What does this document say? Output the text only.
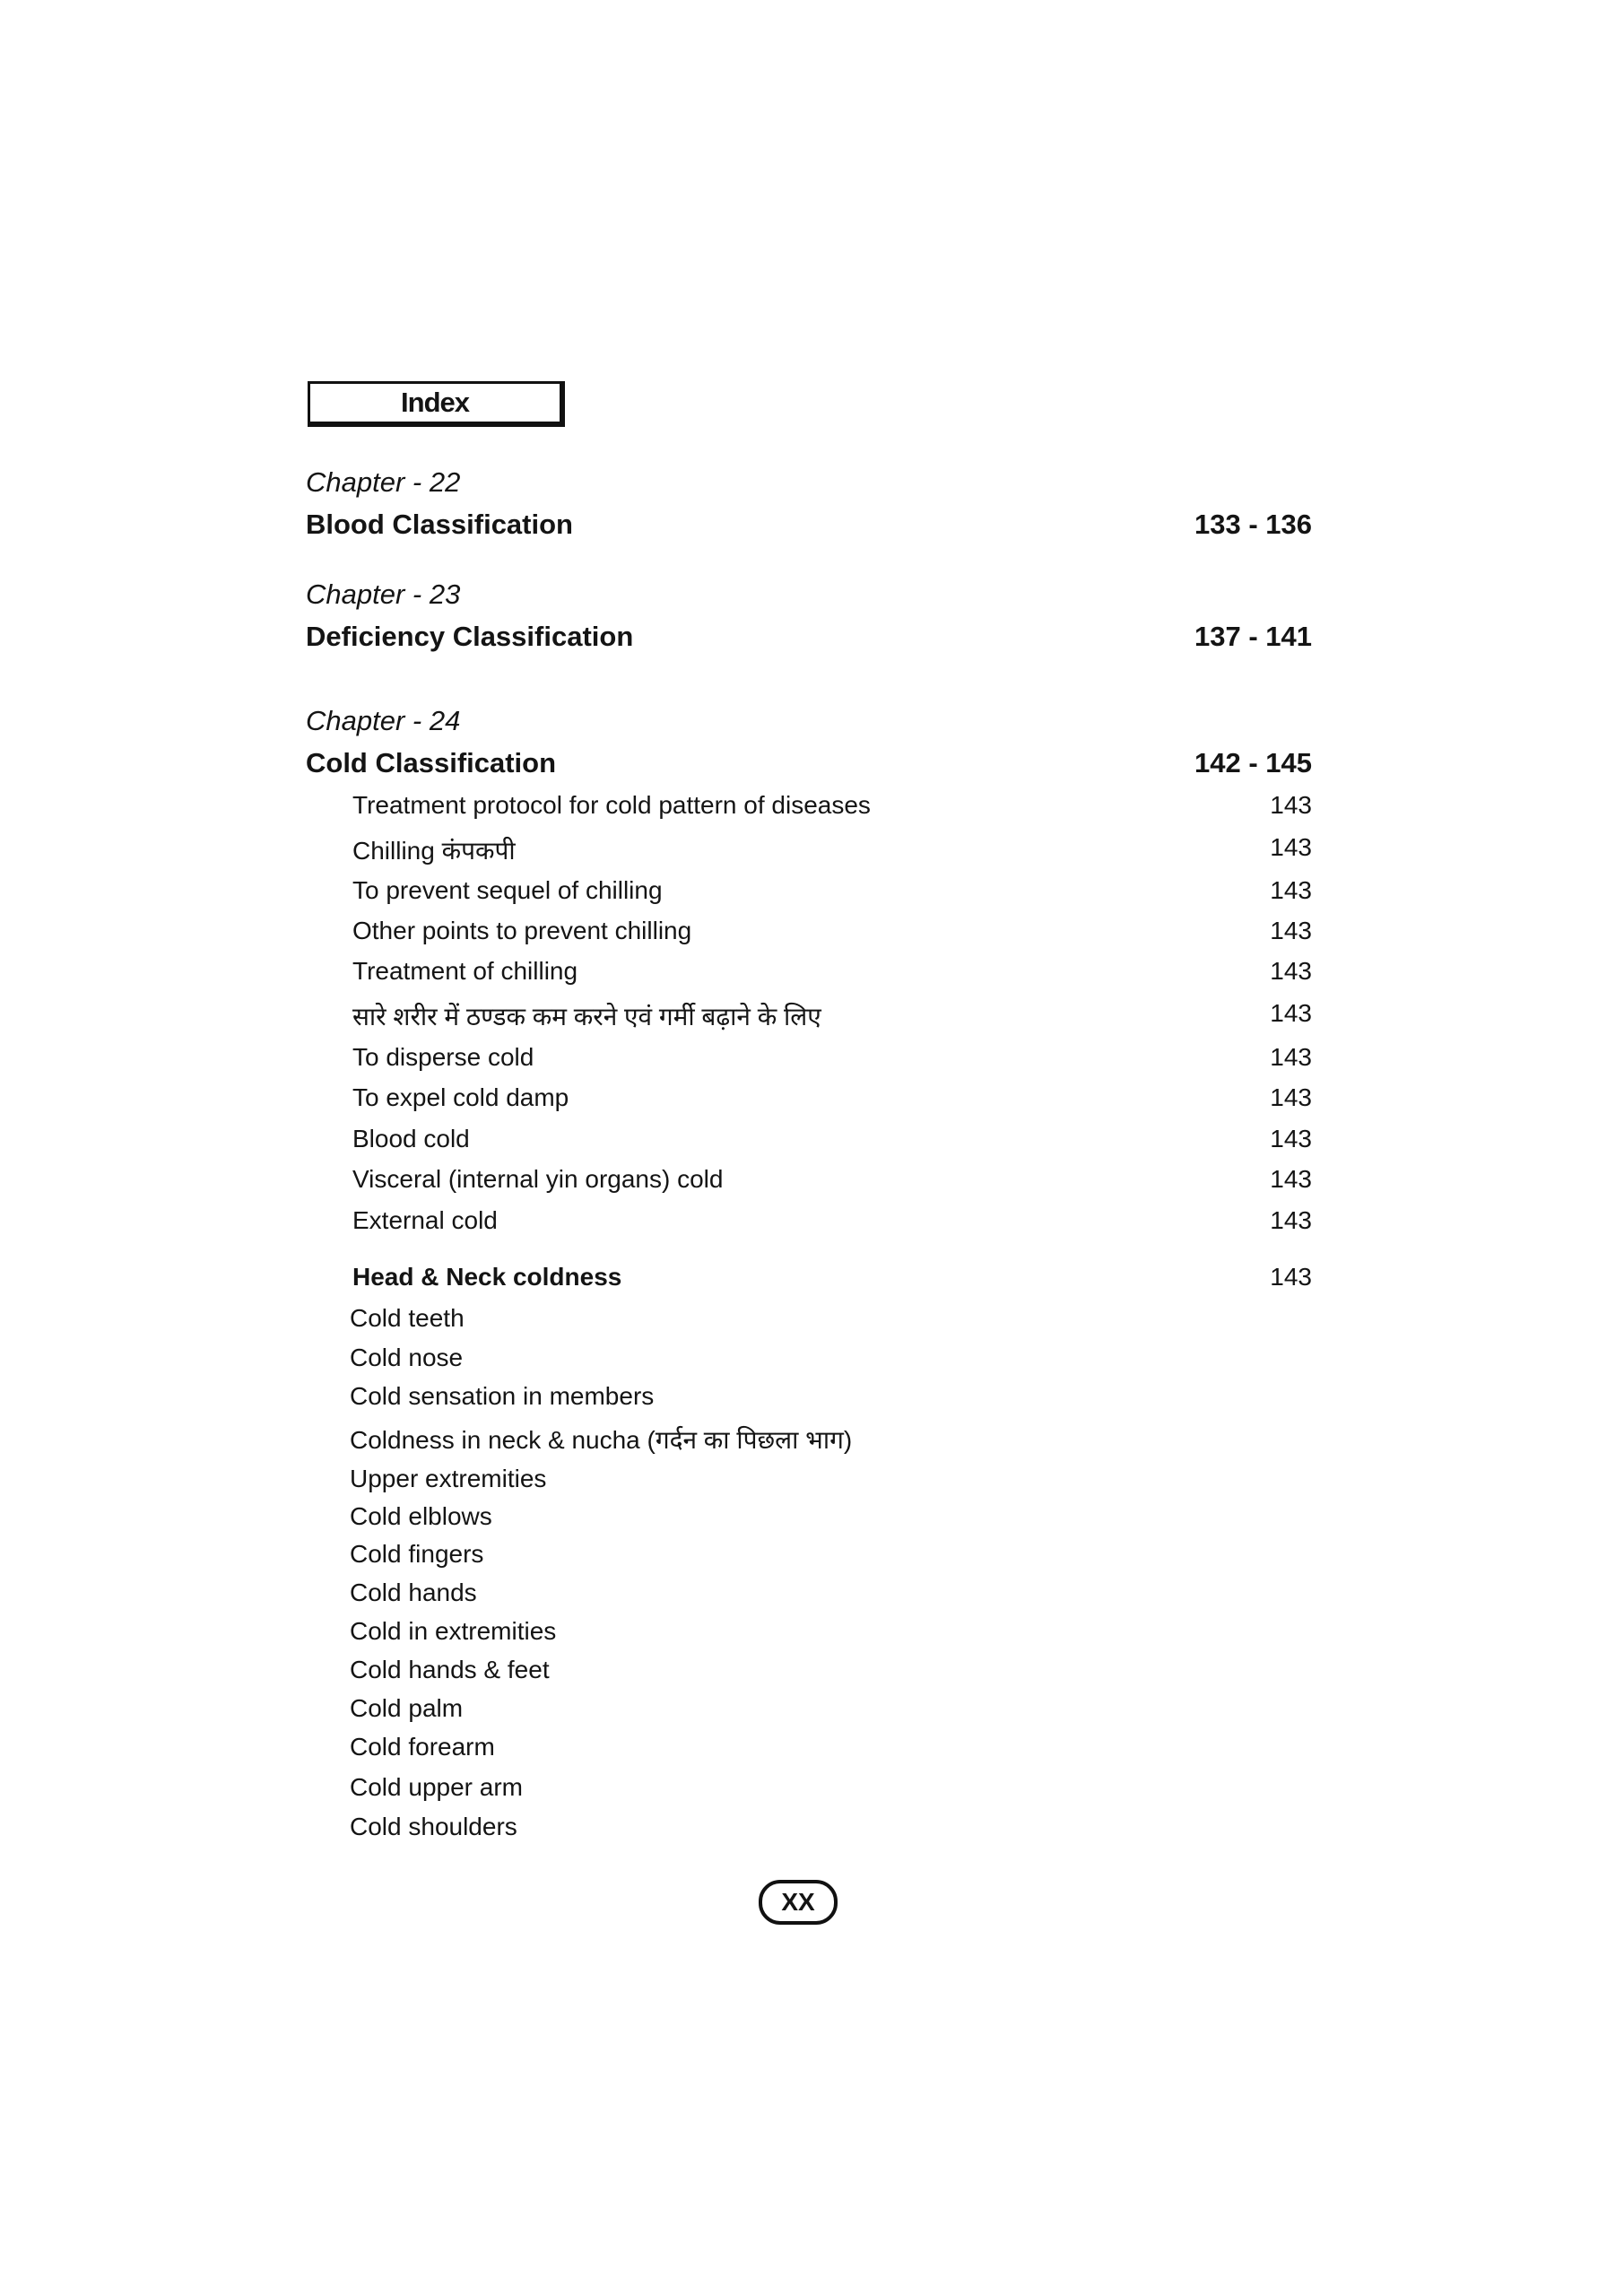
Index
Chapter - 22
Blood Classification	133 - 136
Chapter - 23
Deficiency Classification	137 - 141
Chapter - 24
Cold Classification	142 - 145
Treatment protocol for cold pattern of diseases	143
Chilling कंपकपी	143
To prevent sequel of chilling	143
Other points to prevent chilling	143
Treatment of chilling	143
सारे शरीर में ठण्डक कम करने एवं गर्मी बढ़ाने के लिए	143
To disperse cold	143
To expel cold damp	143
Blood cold	143
Visceral (internal yin organs) cold	143
External cold	143
Head & Neck coldness	143
Cold teeth
Cold nose
Cold sensation in members
Coldness in neck & nucha (गर्दन का पिछला भाग)
Upper extremities
Cold elblows
Cold fingers
Cold hands
Cold in extremities
Cold hands & feet
Cold palm
Cold forearm
Cold upper arm
Cold shoulders
XX
